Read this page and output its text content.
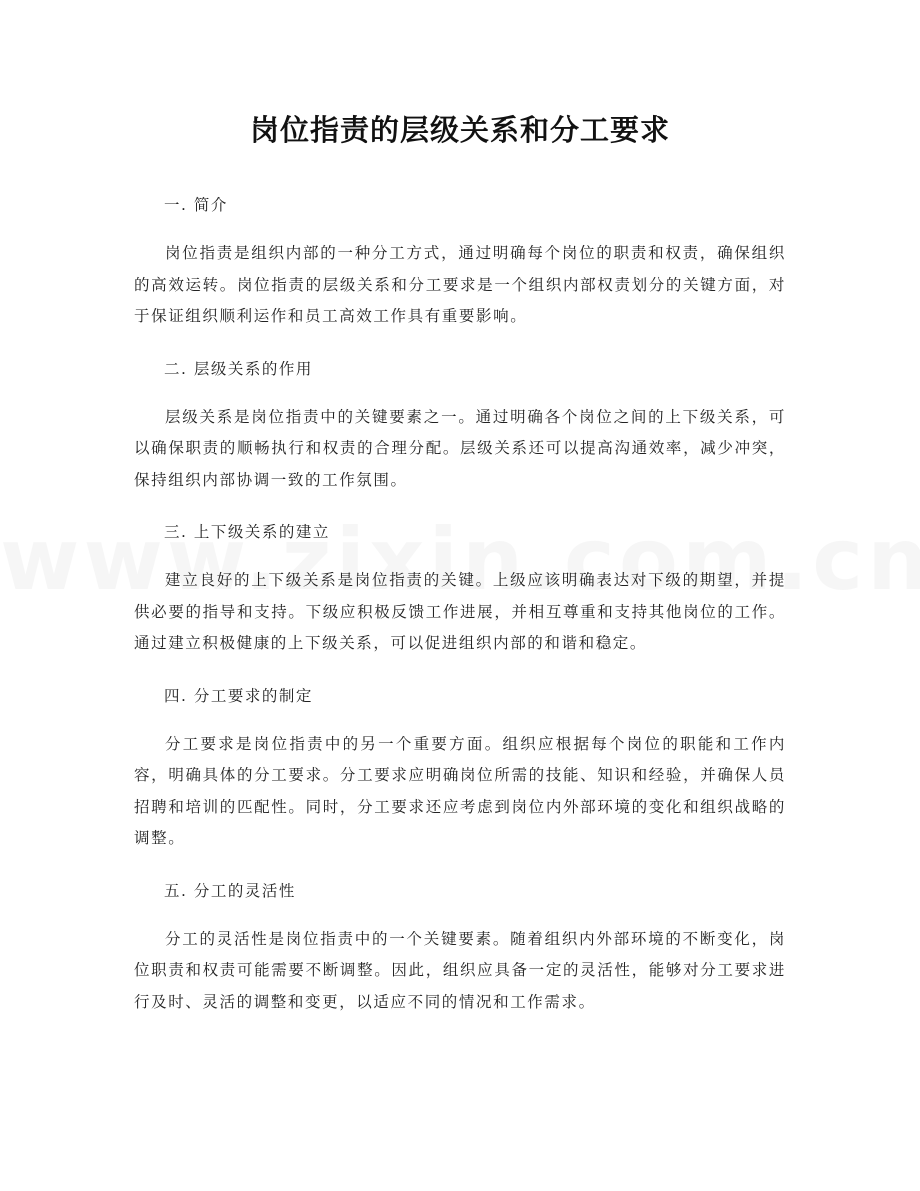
岗位指责的层级关系和分工要求

一. 简介

岗位指责是组织内部的一种分工方式，通过明确每个岗位的职责和权责，确保组织的高效运转。岗位指责的层级关系和分工要求是一个组织内部权责划分的关键方面，对于保证组织顺利运作和员工高效工作具有重要影响。

二. 层级关系的作用

层级关系是岗位指责中的关键要素之一。通过明确各个岗位之间的上下级关系，可以确保职责的顺畅执行和权责的合理分配。层级关系还可以提高沟通效率，减少冲突，保持组织内部协调一致的工作氛围。

三. 上下级关系的建立

建立良好的上下级关系是岗位指责的关键。上级应该明确表达对下级的期望，并提供必要的指导和支持。下级应积极反馈工作进展，并相互尊重和支持其他岗位的工作。通过建立积极健康的上下级关系，可以促进组织内部的和谐和稳定。

四. 分工要求的制定

分工要求是岗位指责中的另一个重要方面。组织应根据每个岗位的职能和工作内容，明确具体的分工要求。分工要求应明确岗位所需的技能、知识和经验，并确保人员招聘和培训的匹配性。同时，分工要求还应考虑到岗位内外部环境的变化和组织战略的调整。

五. 分工的灵活性

分工的灵活性是岗位指责中的一个关键要素。随着组织内外部环境的不断变化，岗位职责和权责可能需要不断调整。因此，组织应具备一定的灵活性，能够对分工要求进行及时、灵活的调整和变更，以适应不同的情况和工作需求。
